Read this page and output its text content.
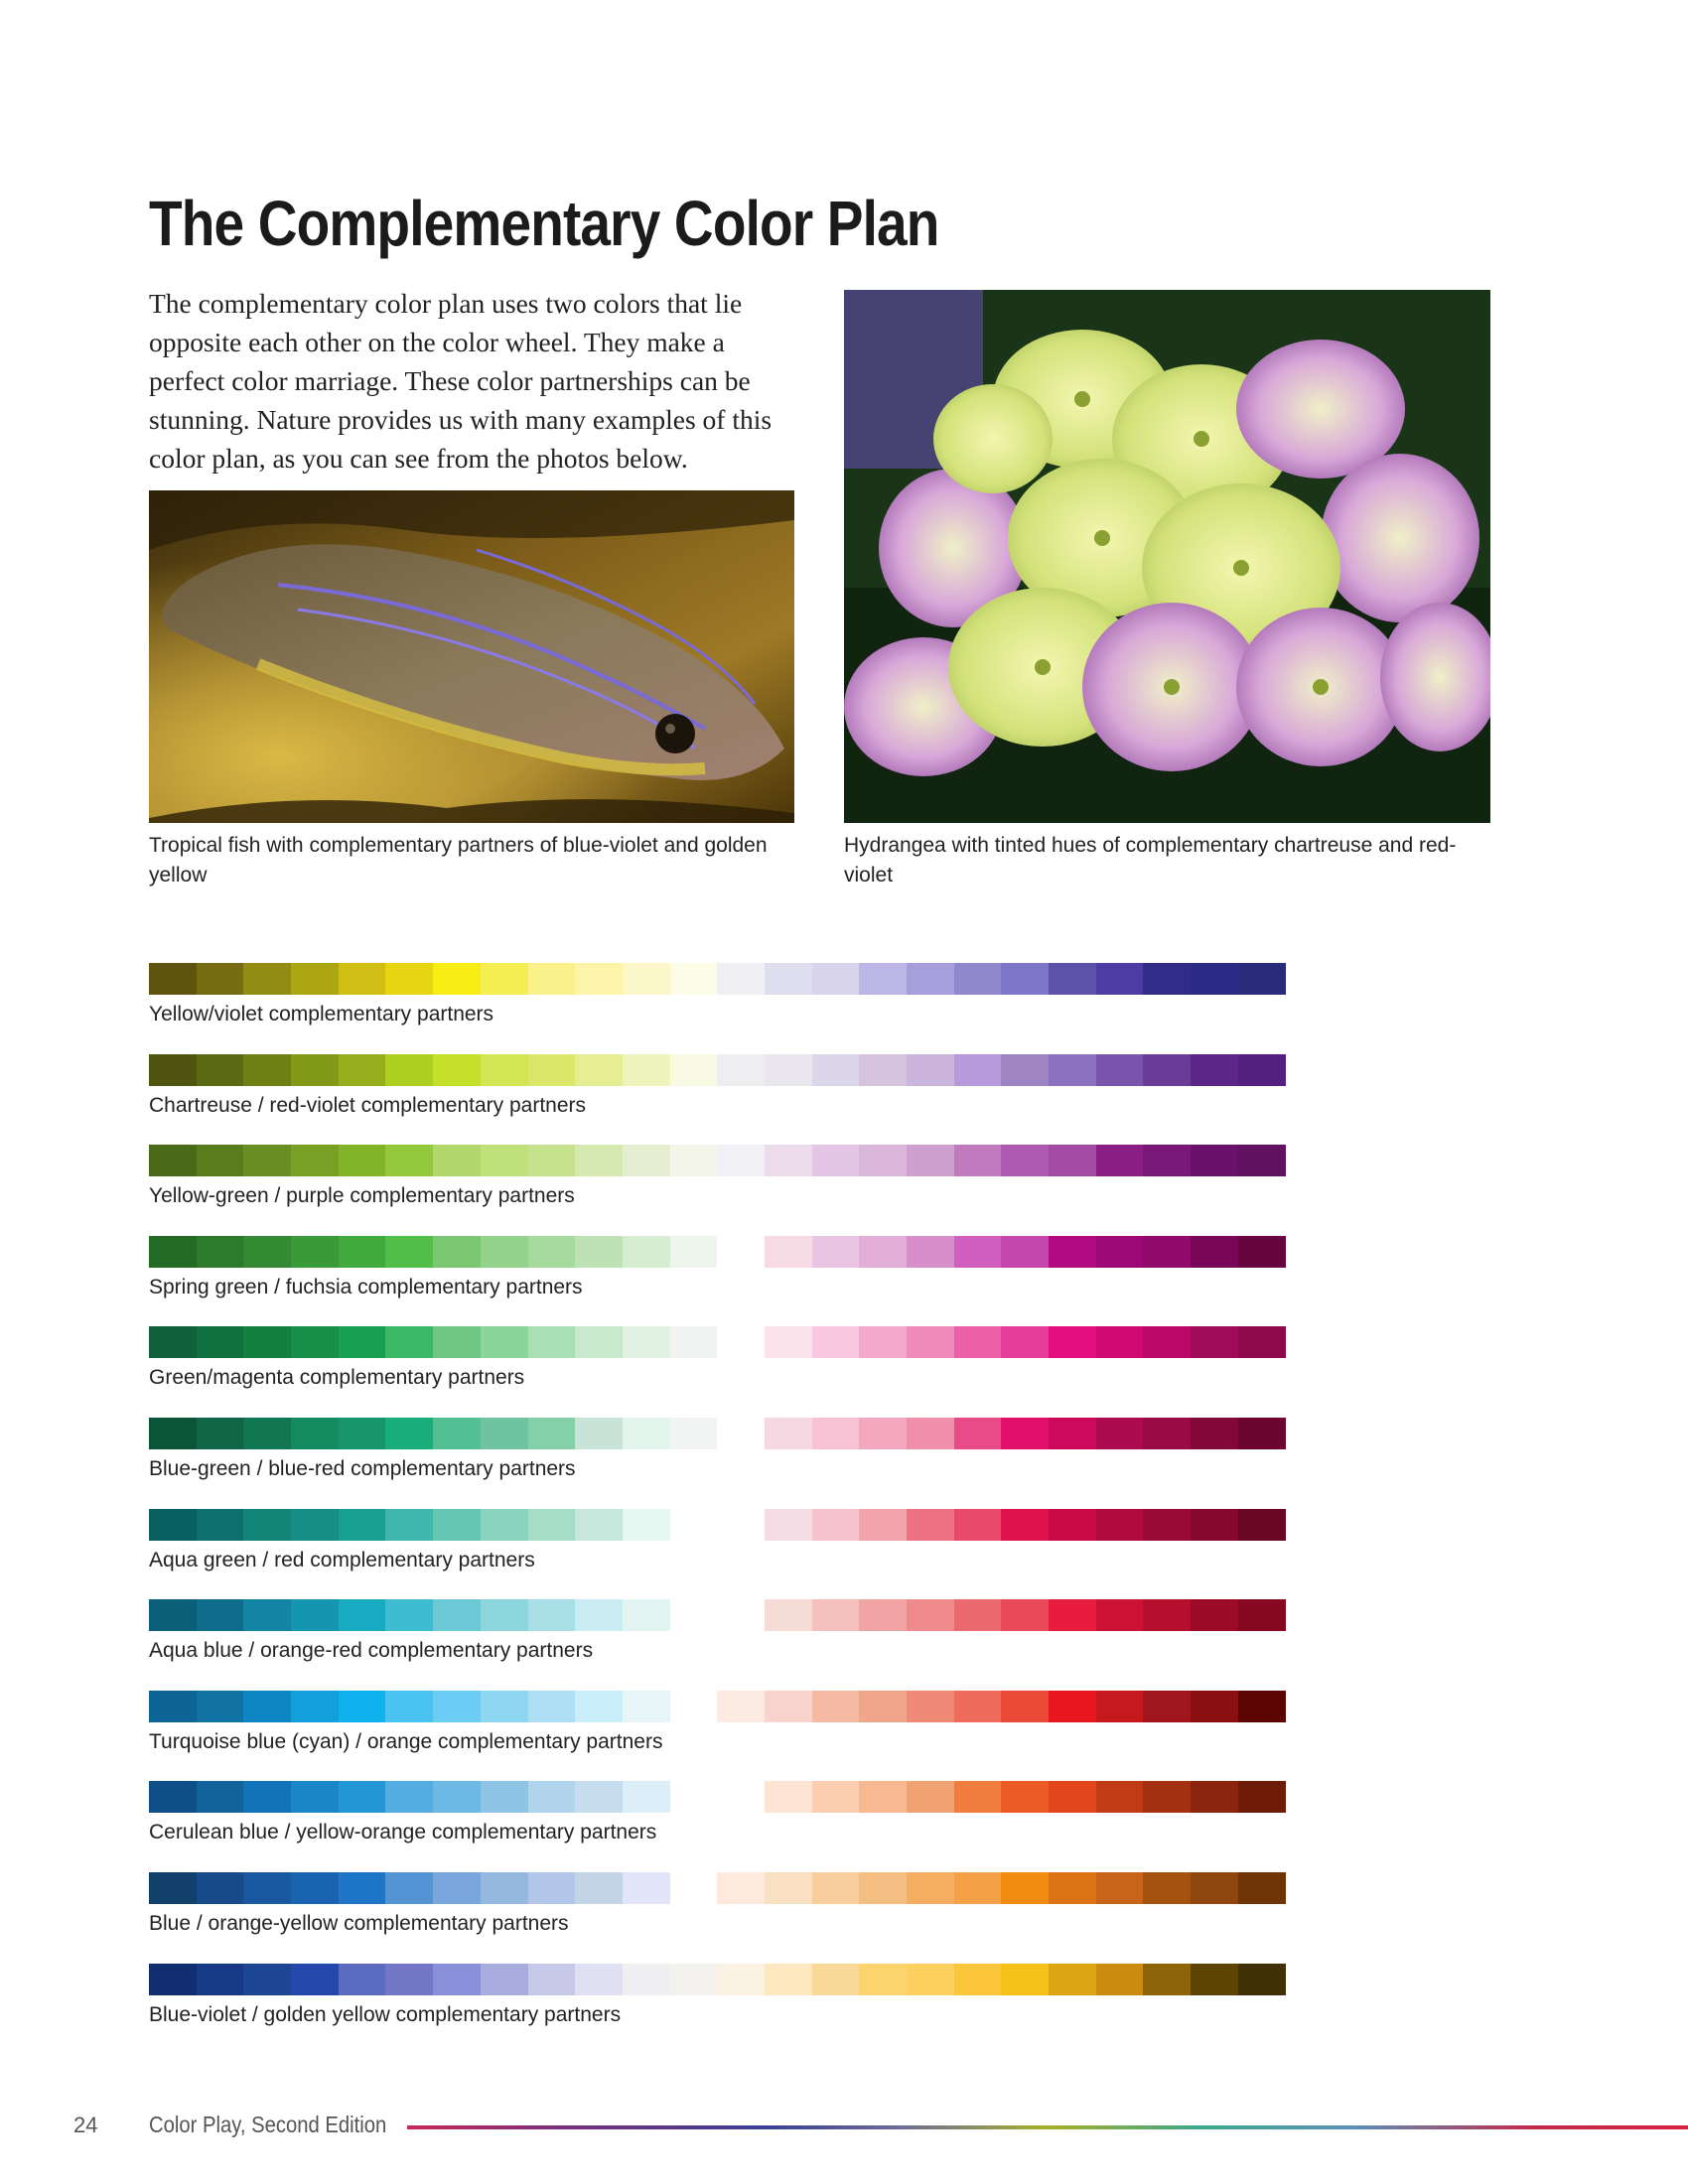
The Complementary Color Plan

The complementary color plan uses two colors that lie opposite each other on the color wheel. They make a perfect color marriage. These color partnerships can be stunning. Nature provides us with many examples of this color plan, as you can see from the photos below.

Tropical fish with complementary partners of blue-violet and golden yellow

Hydrangea with tinted hues of complementary chartreuse and red-violet

Yellow/violet complementary partners
Chartreuse / red-violet complementary partners
Yellow-green / purple complementary partners
Spring green / fuchsia complementary partners
Green/magenta complementary partners
Blue-green / blue-red complementary partners
Aqua green / red complementary partners
Aqua blue / orange-red complementary partners
Turquoise blue (cyan) / orange complementary partners
Cerulean blue / yellow-orange complementary partners
Blue / orange-yellow complementary partners
Blue-violet / golden yellow complementary partners
24 Color Play, Second Edition
